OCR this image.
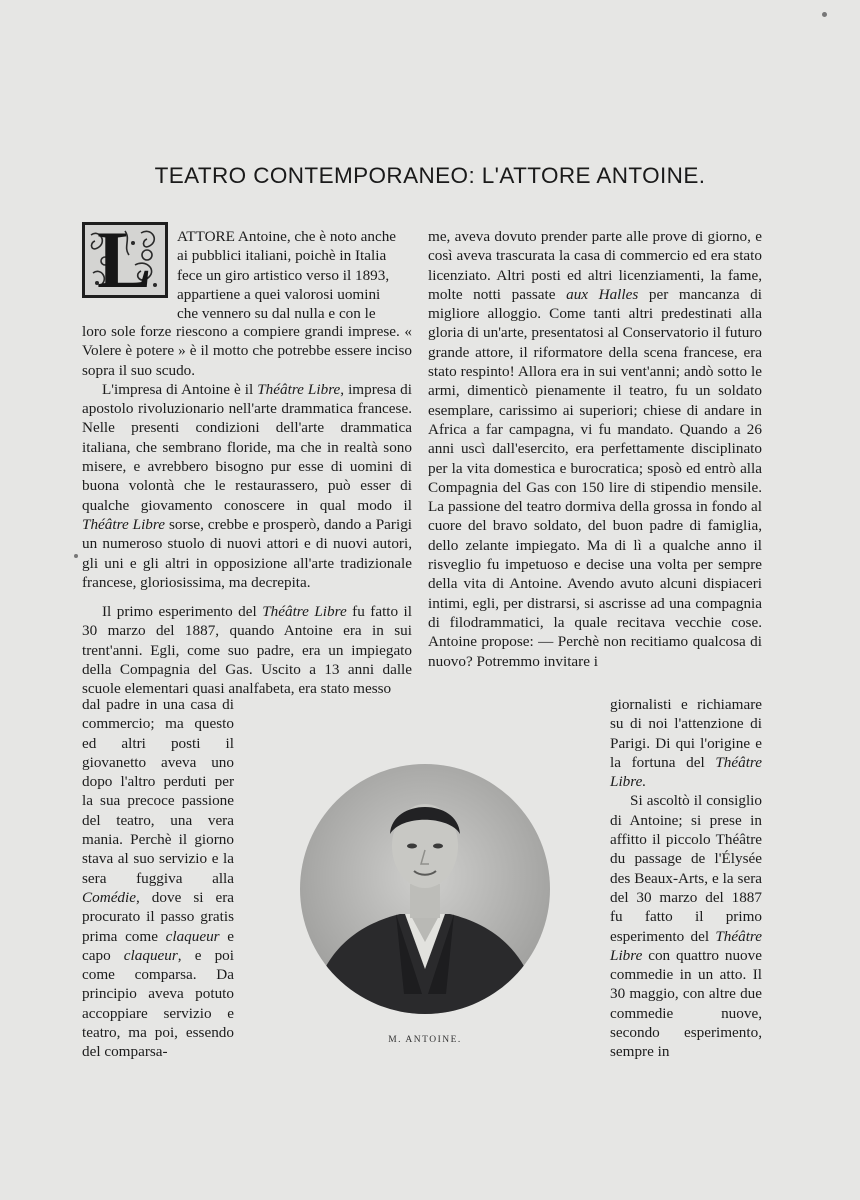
TEATRO CONTEMPORANEO: L'ATTORE ANTOINE.
L ATTORE Antoine, che è noto anche
ai pubblici italiani, poichè in Italia
fece un giro artistico verso il 1893,
appartiene a quei valorosi uomini
che vennero su dal nulla e con le

loro sole forze riescono a compiere grandi imprese. « Volere è potere » è il motto che potrebbe essere inciso sopra il suo scudo.

L'impresa di Antoine è il Théâtre Libre, impresa di apostolo rivoluzionario nell'arte drammatica francese. Nelle presenti condizioni dell'arte drammatica italiana, che sembrano floride, ma che in realtà sono misere, e avrebbero bisogno pur esse di uomini di buona volontà che le restaurassero, può esser di qualche giovamento conoscere in qual modo il Théâtre Libre sorse, crebbe e prosperò, dando a Parigi un numeroso stuolo di nuovi attori e di nuovi autori, gli uni e gli altri in opposizione all'arte tradizionale francese, gloriosissima, ma decrepita.

Il primo esperimento del Théâtre Libre fu fatto il 30 marzo del 1887, quando Antoine era in sui trent'anni. Egli, come suo padre, era un impiegato della Compagnia del Gas. Uscito a 13 anni dalle scuole elementari quasi analfabeta, era stato messo

dal padre in una casa di commercio; ma questo ed altri posti il giovanetto aveva uno dopo l'altro perduti per la sua precoce passione del teatro, una vera mania. Perchè il giorno stava al suo servizio e la sera fuggiva alla Comédie, dove si era procurato il passo gratis prima come claqueur e capo claqueur, e poi come comparsa. Da principio aveva potuto accoppiare servizio e teatro, ma poi, essendo del comparsa-

me, aveva dovuto prender parte alle prove di giorno, e così aveva trascurata la casa di commercio ed era stato licenziato. Altri posti ed altri licenziamenti, la fame, molte notti passate aux Halles per mancanza di migliore alloggio. Come tanti altri predestinati alla gloria di un'arte, presentatosi al Conservatorio il futuro grande attore, il riformatore della scena francese, era stato respinto! Allora era in sui vent'anni; andò sotto le armi, dimenticò pienamente il teatro, fu un soldato esemplare, carissimo ai superiori; chiese di andare in Africa a far campagna, vi fu mandato. Quando a 26 anni uscì dall'esercito, era perfettamente disciplinato per la vita domestica e burocratica; sposò ed entrò alla Compagnia del Gas con 150 lire di stipendio mensile. La passione del teatro dormiva della grossa in fondo al cuore del bravo soldato, del buon padre di famiglia, dello zelante impiegato. Ma di lì a qualche anno il risveglio fu impetuoso e decise una volta per sempre della vita di Antoine. Avendo avuto alcuni dispiaceri intimi, egli, per distrarsi, si ascrisse ad una compagnia di filodrammatici, la quale recitava vecchie cose. Antoine propose: — Perchè non recitiamo qualcosa di nuovo? Potremmo invitare i

giornalisti e richiamare su di noi l'attenzione di Parigi. Di qui l'origine e la fortuna del Théâtre Libre.

Si ascoltò il consiglio di Antoine; si prese in affitto il piccolo Théâtre du passage de l'Élysée des Beaux-Arts, e la sera del 30 marzo del 1887 fu fatto il primo esperimento del Théâtre Libre con quattro nuove commedie in un atto. Il 30 maggio, con altre due commedie nuove, secondo esperimento, sempre in

M. ANTOINE.
